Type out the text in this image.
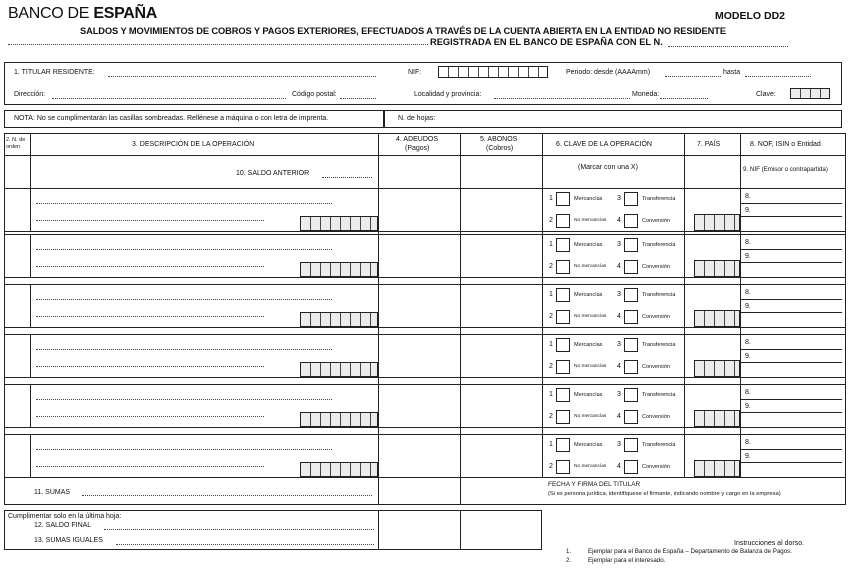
BANCO DE ESPAÑA	MODELO DD2
SALDOS Y MOVIMIENTOS DE COBROS Y PAGOS EXTERIORES, EFECTUADOS A TRAVÉS DE LA CUENTA ABIERTA EN LA ENTIDAD NO RESIDENTE
REGISTRADA EN EL BANCO DE ESPAÑA CON EL N.
1. TITULAR RESIDENTE:	NIF:	Periodo: desde (AAAAmm)	hasta
Dirección:	Código postal:	Localidad y provincia:	Moneda:	Clave:
NOTA: No se cumplimentarán las casillas sombreadas. Rellénese a máquina o con letra de imprenta.	N. de hojas:
2. N. de
orden	3. DESCRIPCIÓN DE LA OPERACIÓN
4. ADEUDOS
(Pagos)
5. ABONOS
(Cobros)
6. CLAVE DE LA OPERACIÓN	7. PAÍS	8. NOF, ISIN o Entidad
10. SALDO ANTERIOR
(Marcar con una X)	9. NIF (Emisor o contrapartida)
1	Mercancías 3	Transferencia
2	No mercancías 4	Conversión
8.
9.
1	Mercancías 3	Transferencia
2	No mercancías 4	Conversión
8.
9.
1	Mercancías 3	Transferencia
2	No mercancías 4	Conversión
8.
9.
1	Mercancías 3	Transferencia
2	No mercancías 4	Conversión
8.
9.
1	Mercancías 3	Transferencia
2	No mercancías 4	Conversión
8.
9.
1	Mercancías 3	Transferencia
2	No mercancías 4	Conversión
8.
9.
11. SUMAS
FECHA Y FIRMA DEL TITULAR
(Si es persona jurídica, identifíquese el firmante, indicando nombre y cargo en la empresa)
Cumplimentar solo en la última hoja:
12. SALDO FINAL
13. SUMAS IGUALES	Instrucciones al dorso.
1.	Ejemplar para el Banco de España – Departamento de Balanza de Pagos.
2.	Ejemplar para el interesado.
